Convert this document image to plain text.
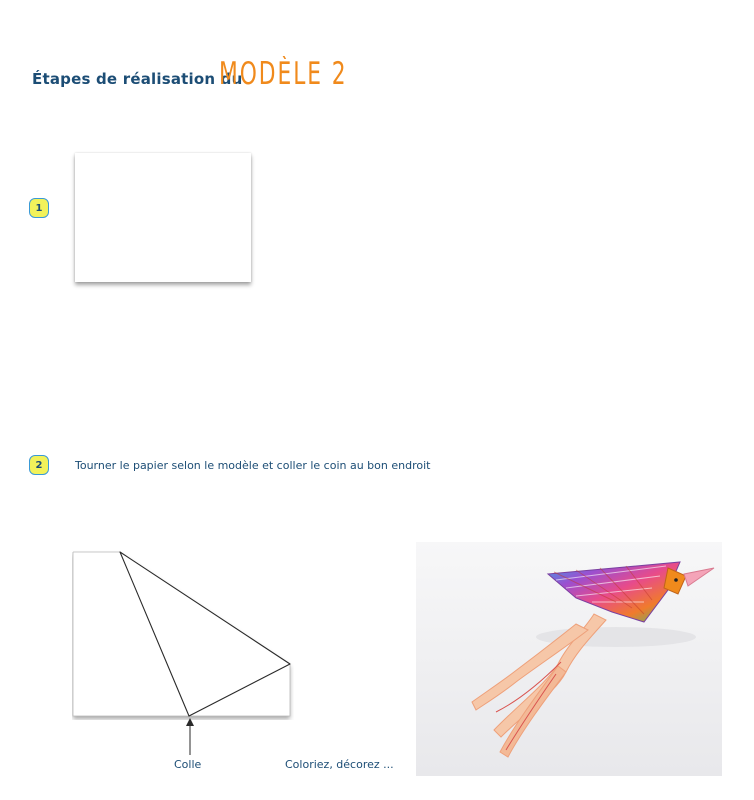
Étapes de réalisation du
MODÈLE 2
1
2	Tourner le papier selon le modèle et coller le coin au bon endroit
Colle	Coloriez, décorez ...
